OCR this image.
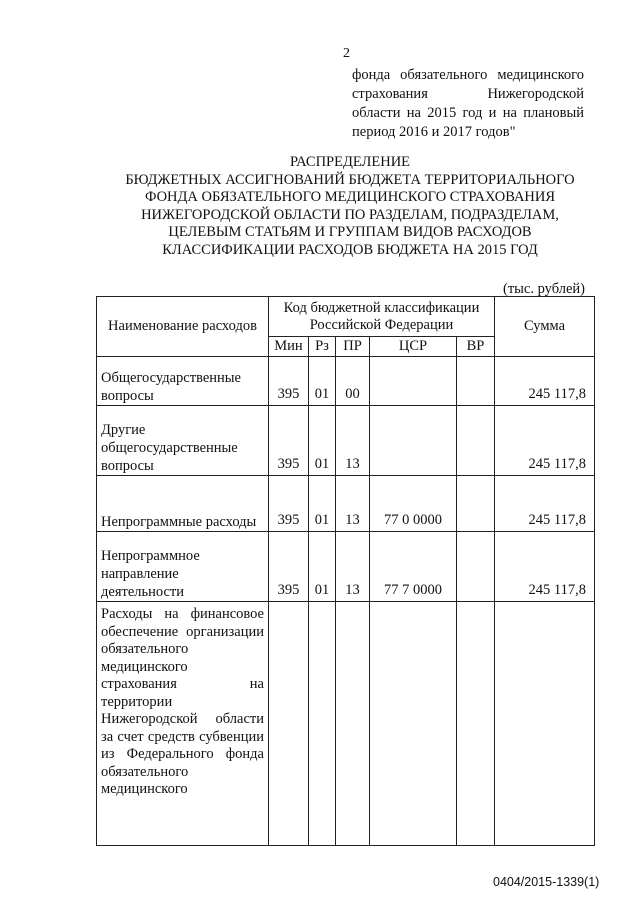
2
фонда обязательного медицинского
страхования Нижегородской
области на 2015 год и на плановый
период 2016 и 2017 годов"
РАСПРЕДЕЛЕНИЕ
БЮДЖЕТНЫХ АССИГНОВАНИЙ БЮДЖЕТА ТЕРРИТОРИАЛЬНОГО
ФОНДА ОБЯЗАТЕЛЬНОГО МЕДИЦИНСКОГО СТРАХОВАНИЯ
НИЖЕГОРОДСКОЙ ОБЛАСТИ ПО РАЗДЕЛАМ, ПОДРАЗДЕЛАМ,
ЦЕЛЕВЫМ СТАТЬЯМ И ГРУППАМ ВИДОВ РАСХОДОВ
КЛАССИФИКАЦИИ РАСХОДОВ БЮДЖЕТА НА 2015 ГОД
(тыс. рублей)
Наименование расходов	Код бюджетной классификации Российской Федерации					Сумма
	Мин	Рз	ПР	ЦСР	ВР	
Общегосударственные вопросы	395	01	00			245 117,8
Другие общегосударственные вопросы	395	01	13			245 117,8
Непрограммные расходы	395	01	13	77 0 0000		245 117,8
Непрограммное направление деятельности	395	01	13	77 7 0000		245 117,8
Расходы на финансовое обеспечение организации обязательного медицинского страхования на территории Нижегородской области за счет средств субвенции из Федерального фонда обязательного медицинского						
0404/2015-1339(1)
